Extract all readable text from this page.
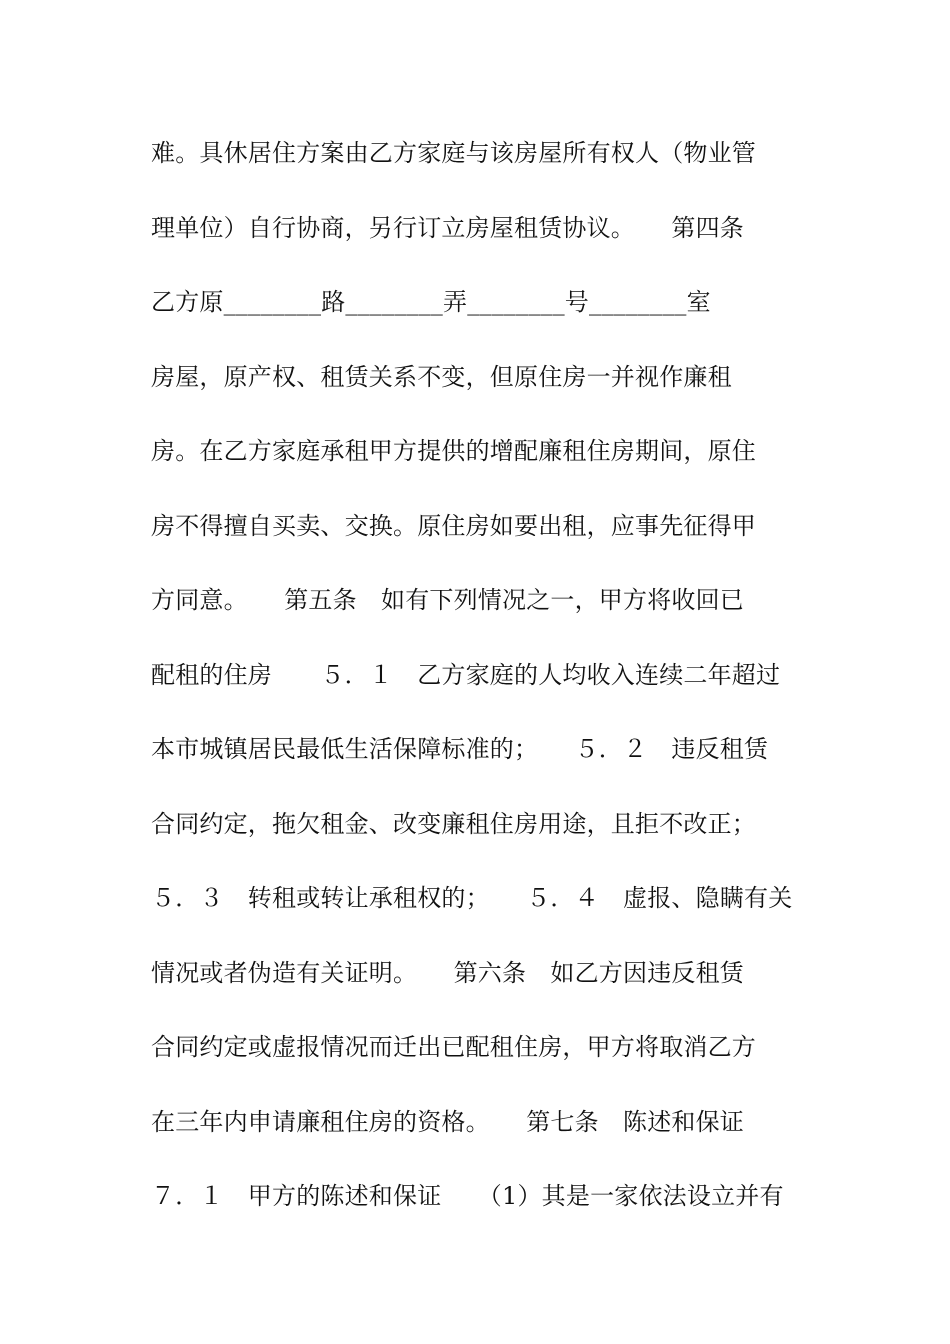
难。具休居住方案由乙方家庭与该房屋所有权人（物业管
理单位）自行协商，另行订立房屋租赁协议。　　第四条
乙方原________路________弄________号________室
房屋，原产权、租赁关系不变，但原住房一并视作廉租
房。在乙方家庭承租甲方提供的增配廉租住房期间，原住
房不得擅自买卖、交换。原住房如要出租，应事先征得甲
方同意。　　第五条　如有下列情况之一，甲方将收回已
配租的住房　　５．１　乙方家庭的人均收入连续二年超过
本市城镇居民最低生活保障标准的；　　５．２　违反租赁
合同约定，拖欠租金、改变廉租住房用途，且拒不改正；
５．３　转租或转让承租权的；　　５．４　虚报、隐瞒有关
情况或者伪造有关证明。　　第六条　如乙方因违反租赁
合同约定或虚报情况而迁出已配租住房，甲方将取消乙方
在三年内申请廉租住房的资格。　　第七条　陈述和保证
７．１　甲方的陈述和保证　　（1）其是一家依法设立并有
